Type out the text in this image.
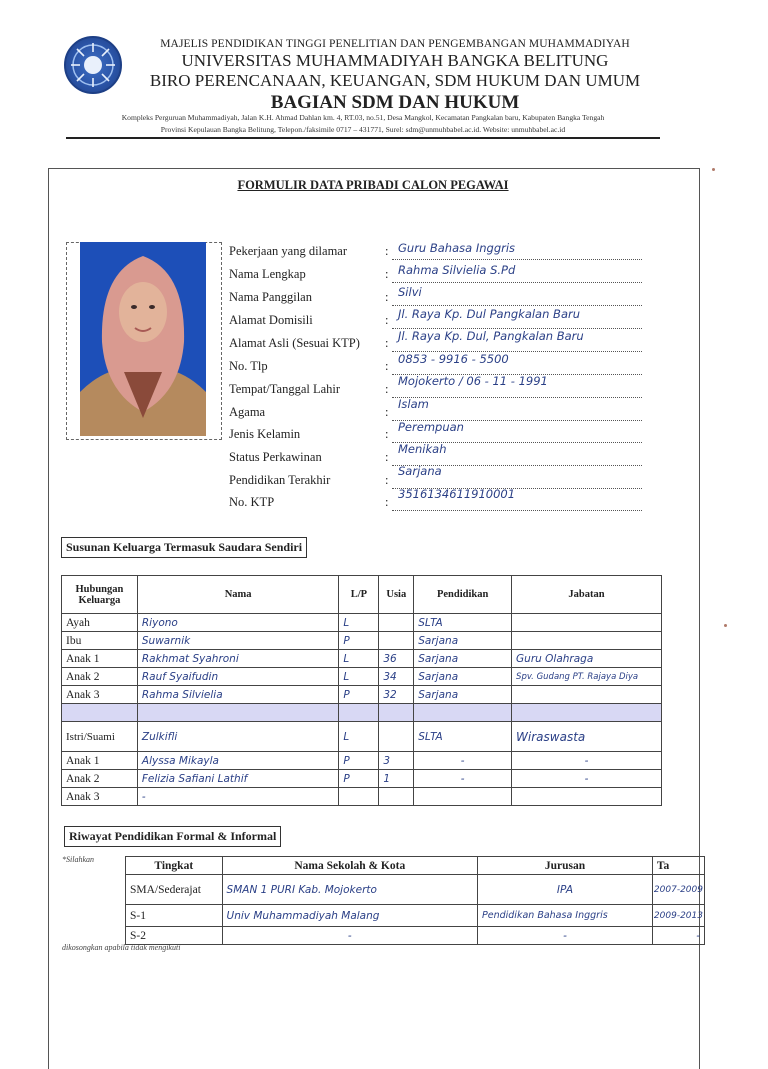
MAJELIS PENDIDIKAN TINGGI PENELITIAN DAN PENGEMBANGAN MUHAMMADIYAH
UNIVERSITAS MUHAMMADIYAH BANGKA BELITUNG
BIRO PERENCANAAN, KEUANGAN, SDM HUKUM DAN UMUM
BAGIAN SDM DAN HUKUM
Kompleks Perguruan Muhammadiyah, Jalan K.H. Ahmad Dahlan km. 4, RT.03, no.51, Desa Mangkol, Kecamatan Pangkalan baru, Kabupaten Bangka Tengah
Provinsi Kepulauan Bangka Belitung, Telepon./faksimile 0717 – 431771, Surel: sdm@unmuhbabel.ac.id. Website: unmuhbabel.ac.id
FORMULIR DATA PRIBADI CALON PEGAWAI
Pekerjaan yang dilamar	: Guru Bahasa Inggris
Nama Lengkap	: Rahma Silvielia S.Pd
Nama Panggilan	: Silvi
Alamat Domisili	: Jl. Raya Kp. Dul Pangkalan Baru
Alamat Asli (Sesuai KTP) : Jl. Raya Kp. Dul, Pangkalan Baru
No. Tlp	: 0853 - 9916 - 5500
Tempat/Tanggal Lahir	:
Mojokerto / 06 - 11 - 1991
Agama	:
Islam
Jenis Kelamin	: Perempuan
Status Perkawinan	:
Menikah
Pendidikan Terakhir	:
Sarjana
No. KTP	:
3516134611910001
Susunan Keluarga Termasuk Saudara Sendiri
Hubungan Keluarga	Nama	L/P	Usia	Pendidikan	Jabatan
Ayah	Riyono	L		SLTA	
Ibu	Suwarnik	P		Sarjana	
Anak 1	Rakhmat Syahroni	L	36	Sarjana	Guru Olahraga
Anak 2	Rauf Syaifudin	L	34	Sarjana	Spv. Gudang PT. Rajaya Diya
Anak 3	Rahma Silvielia	P	32	Sarjana	

Istri/Suami	Zulkifli	L		SLTA	Wiraswasta
Anak 1	Alyssa Mikayla	P	3	-	-
Anak 2	Felizia Safiani Lathif	P	1	-	-
Anak 3	-				
Riwayat Pendidikan Formal & Informal
*Silahkan	Tingkat	Nama Sekolah & Kota	Jurusan	Ta
SMA/Sederajat	SMAN 1 PURI Kab. Mojokerto	IPA	2007-2009
S-1	Univ Muhammadiyah Malang	Pendidikan Bahasa Inggris	2009-2013
S-2	-	-	-
dikosongkan apabila tidak mengikuti
